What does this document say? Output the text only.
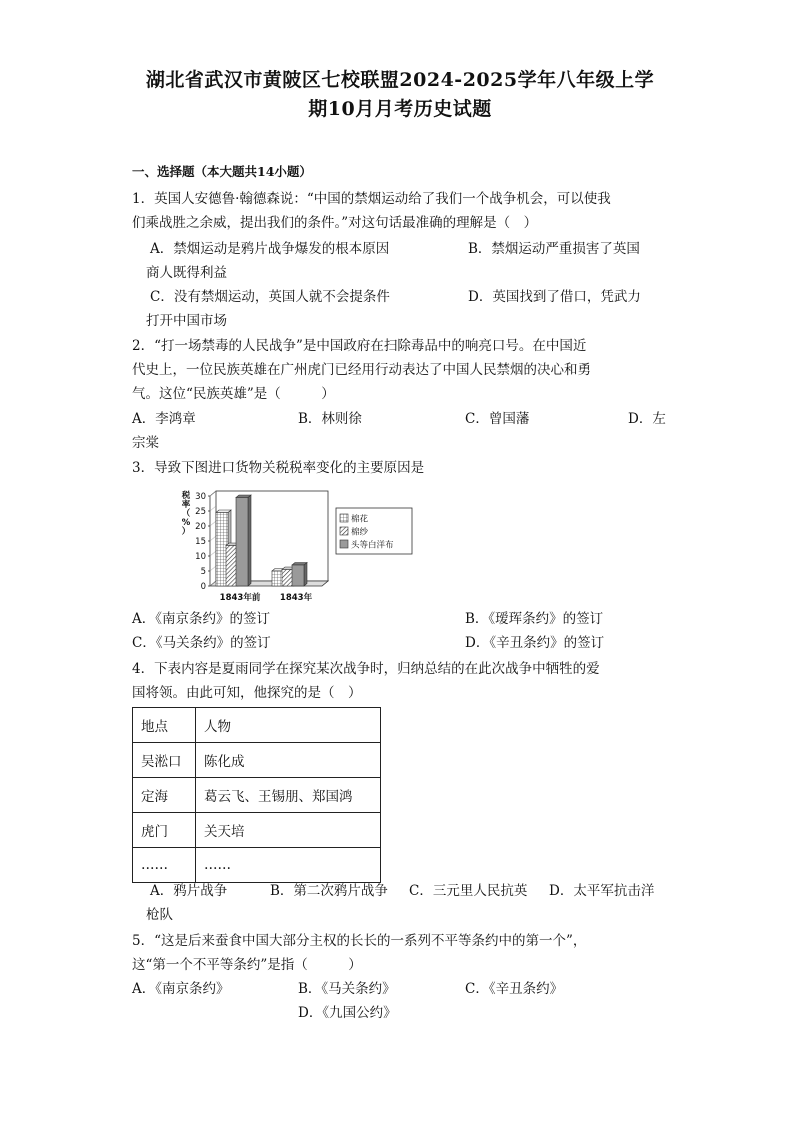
湖北省武汉市黄陂区七校联盟2024-2025学年八年级上学
期10月月考历史试题
一、选择题（本大题共14小题）
1．英国人安德鲁·翰德森说：“中国的禁烟运动给了我们一个战争机会，可以使我
们乘战胜之余威，提出我们的条件。”对这句话最准确的理解是（　）
A．禁烟运动是鸦片战争爆发的根本原因	B．禁烟运动严重损害了英国
商人既得利益
C．没有禁烟运动，英国人就不会提条件	D．英国找到了借口，凭武力
打开中国市场
2．“打一场禁毒的人民战争”是中国政府在扫除毒品中的响亮口号。在中国近
代史上，一位民族英雄在广州虎门已经用行动表达了中国人民禁烟的决心和勇
气。这位“民族英雄”是（　　　）
A．李鸿章	B．林则徐	C．曾国藩	D．左
宗棠
3．导致下图进口货物关税税率变化的主要原因是
税
率
（
%
）
0
5
10
15
20
25
30
1843年前 1843年
棉花
棉纱
头等白洋布
A．《南京条约》的签订	B．《瑷珲条约》的签订
C．《马关条约》的签订	D．《辛丑条约》的签订
4．下表内容是夏雨同学在探究某次战争时，归纳总结的在此次战争中牺牲的爱
国将领。由此可知，他探究的是（　）
地点	人物
吴淞口	陈化成
定海	葛云飞、王锡朋、郑国鸿
虎门	关天培
……	……
A．鸦片战争	B．第二次鸦片战争 C．三元里人民抗英 D．太平军抗击洋
枪队
5．“这是后来蚕食中国大部分主权的长长的一系列不平等条约中的第一个”，
这“第一个不平等条约”是指（　　　）
A．《南京条约》	B．《马关条约》	C．《辛丑条约》
D．《九国公约》
